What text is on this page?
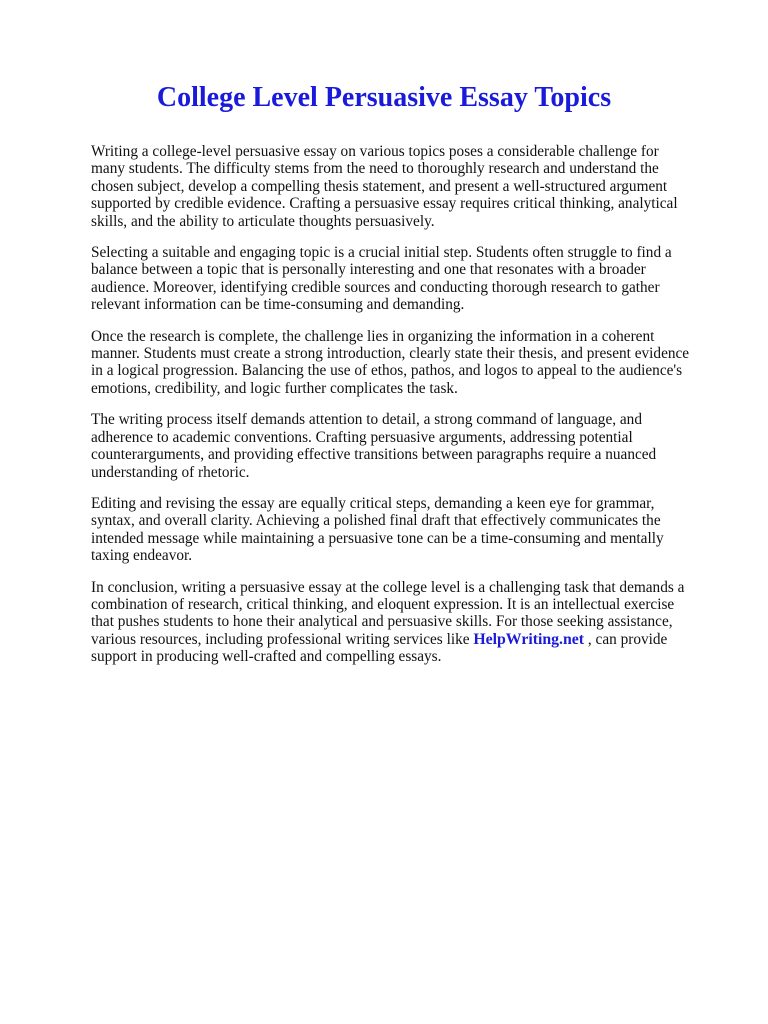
College Level Persuasive Essay Topics

Writing a college-level persuasive essay on various topics poses a considerable challenge for many students. The difficulty stems from the need to thoroughly research and understand the chosen subject, develop a compelling thesis statement, and present a well-structured argument supported by credible evidence. Crafting a persuasive essay requires critical thinking, analytical skills, and the ability to articulate thoughts persuasively.

Selecting a suitable and engaging topic is a crucial initial step. Students often struggle to find a balance between a topic that is personally interesting and one that resonates with a broader audience. Moreover, identifying credible sources and conducting thorough research to gather relevant information can be time-consuming and demanding.

Once the research is complete, the challenge lies in organizing the information in a coherent manner. Students must create a strong introduction, clearly state their thesis, and present evidence in a logical progression. Balancing the use of ethos, pathos, and logos to appeal to the audience's emotions, credibility, and logic further complicates the task.

The writing process itself demands attention to detail, a strong command of language, and adherence to academic conventions. Crafting persuasive arguments, addressing potential counterarguments, and providing effective transitions between paragraphs require a nuanced understanding of rhetoric.

Editing and revising the essay are equally critical steps, demanding a keen eye for grammar, syntax, and overall clarity. Achieving a polished final draft that effectively communicates the intended message while maintaining a persuasive tone can be a time-consuming and mentally taxing endeavor.

In conclusion, writing a persuasive essay at the college level is a challenging task that demands a combination of research, critical thinking, and eloquent expression. It is an intellectual exercise that pushes students to hone their analytical and persuasive skills. For those seeking assistance, various resources, including professional writing services like HelpWriting.net , can provide support in producing well-crafted and compelling essays.
